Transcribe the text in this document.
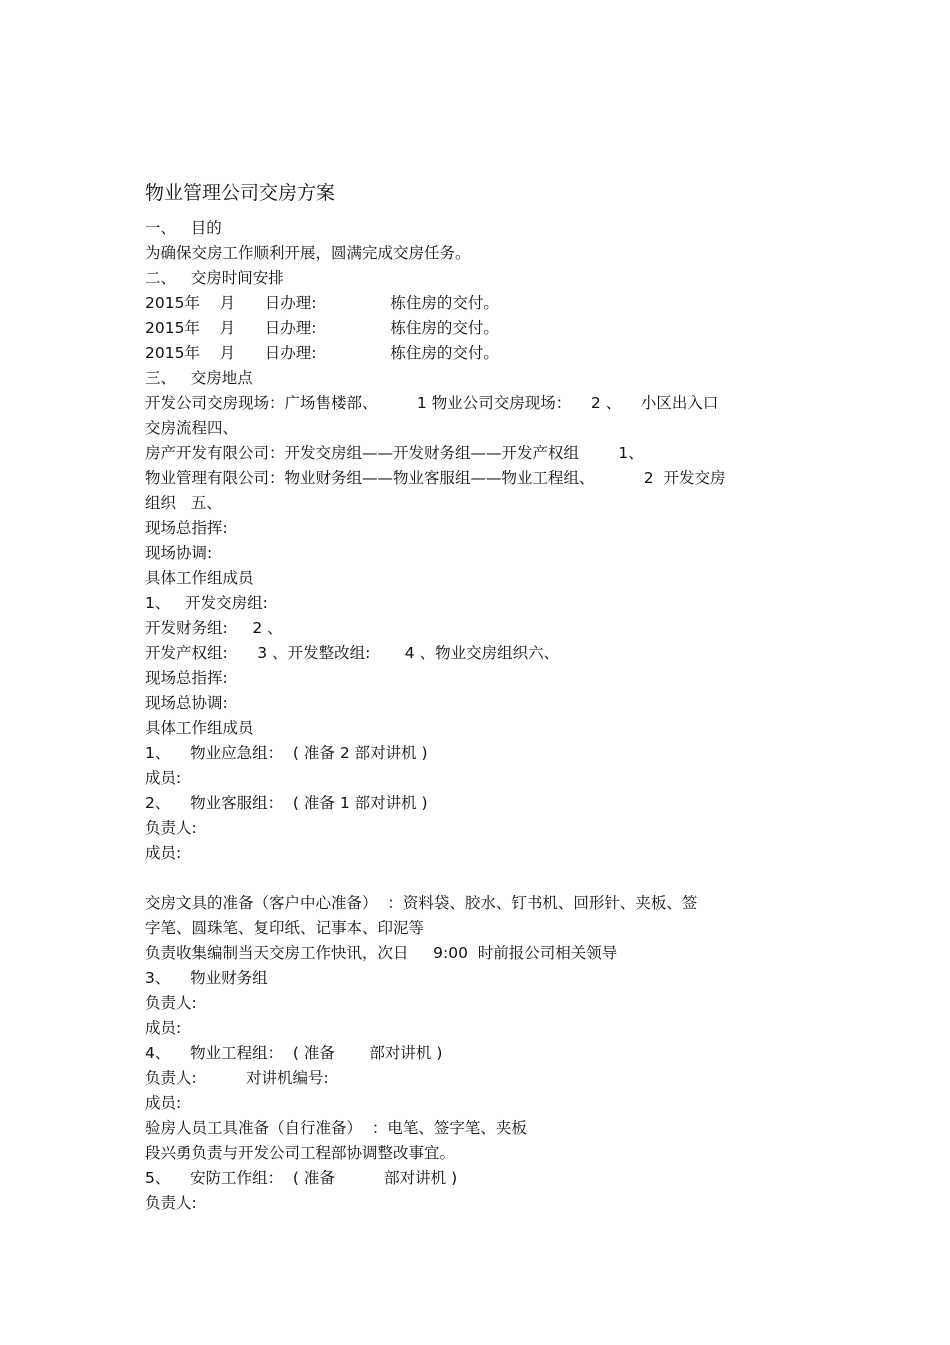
物业管理公司交房方案
一、   目的
为确保交房工作顺利开展，圆满完成交房任务。
二、   交房时间安排
2015年    月      日办理:               栋住房的交付。
2015年    月      日办理:               栋住房的交付。
2015年    月      日办理:               栋住房的交付。
三、   交房地点
开发公司交房现场：广场售楼部、        1 物业公司交房现场：    2 、    小区出入口
交房流程四、
房产开发有限公司：开发交房组——开发财务组——开发产权组        1、
物业管理有限公司：物业财务组——物业客服组——物业工程组、          2  开发交房
组织   五、
现场总指挥:
现场协调:
具体工作组成员
1、   开发交房组:
开发财务组:     2 、
开发产权组:      3 、开发整改组:       4 、物业交房组织六、
现场总指挥:
现场总协调:
具体工作组成员
1、    物业应急组：  ( 准备 2 部对讲机 )
成员:
2、    物业客服组：  ( 准备 1 部对讲机 )
负责人:
成员:
交房文具的准备（客户中心准备）  ：资料袋、胶水、钉书机、回形针、夹板、签
字笔、圆珠笔、复印纸、记事本、印泥等
负责收集编制当天交房工作快讯，次日     9:00  时前报公司相关领导
3、    物业财务组
负责人:
成员:
4、    物业工程组：  ( 准备       部对讲机 )
负责人:          对讲机编号:
成员:
验房人员工具准备（自行准备）  ：电笔、签字笔、夹板
段兴勇负责与开发公司工程部协调整改事宜。
5、    安防工作组：  ( 准备          部对讲机 )
负责人:
